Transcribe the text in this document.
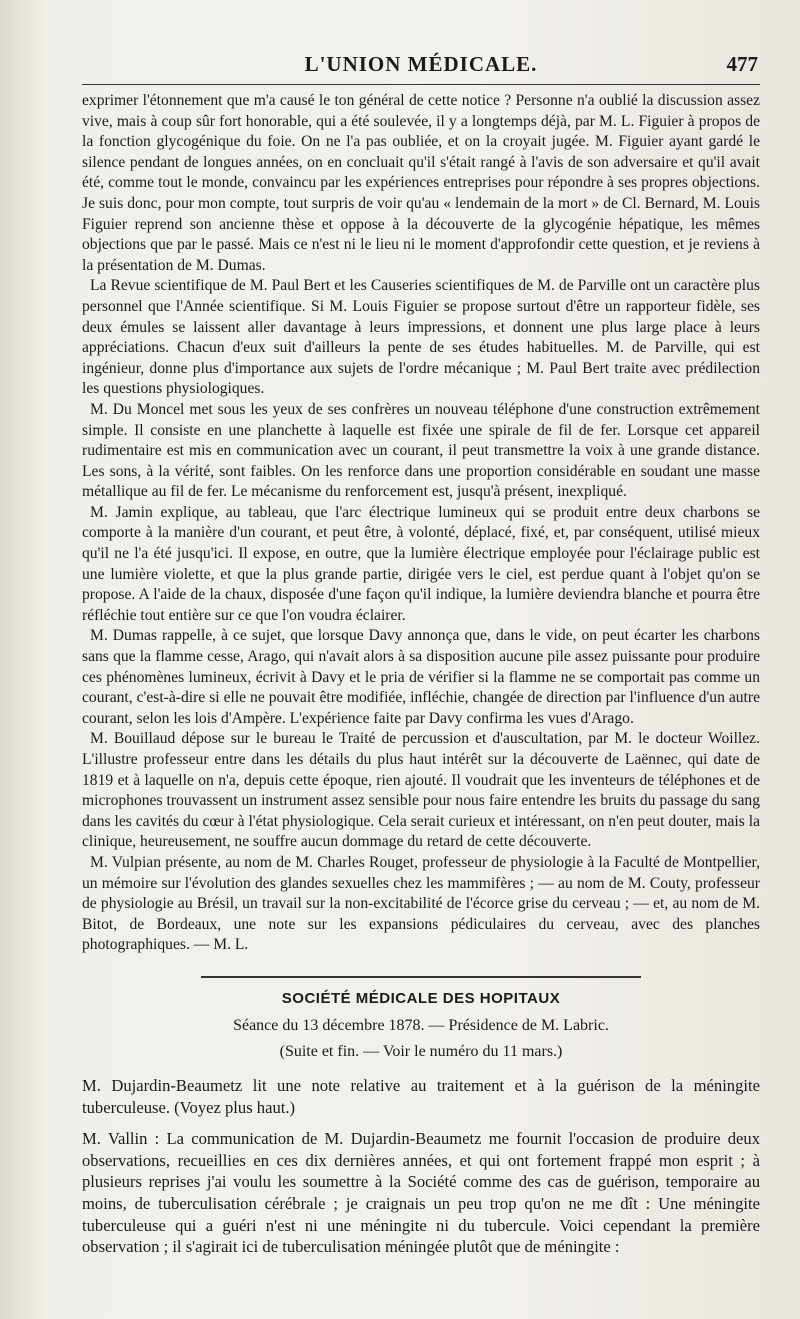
L'UNION MÉDICALE.	477

exprimer l'étonnement que m'a causé le ton général de cette notice ? Personne n'a oublié la discussion assez vive, mais à coup sûr fort honorable, qui a été soulevée, il y a longtemps déjà, par M. L. Figuier à propos de la fonction glycogénique du foie. On ne l'a pas oubliée, et on la croyait jugée. M. Figuier ayant gardé le silence pendant de longues années, on en concluait qu'il s'était rangé à l'avis de son adversaire et qu'il avait été, comme tout le monde, convaincu par les expériences entreprises pour répondre à ses propres objections. Je suis donc, pour mon compte, tout surpris de voir qu'au « lendemain de la mort » de Cl. Bernard, M. Louis Figuier reprend son ancienne thèse et oppose à la découverte de la glycogénie hépatique, les mêmes objections que par le passé. Mais ce n'est ni le lieu ni le moment d'approfondir cette question, et je reviens à la présentation de M. Dumas.

La Revue scientifique de M. Paul Bert et les Causeries scientifiques de M. de Parville ont un caractère plus personnel que l'Année scientifique. Si M. Louis Figuier se propose surtout d'être un rapporteur fidèle, ses deux émules se laissent aller davantage à leurs impressions, et donnent une plus large place à leurs appréciations. Chacun d'eux suit d'ailleurs la pente de ses études habituelles. M. de Parville, qui est ingénieur, donne plus d'importance aux sujets de l'ordre mécanique ; M. Paul Bert traite avec prédilection les questions physiologiques.

M. Du Moncel met sous les yeux de ses confrères un nouveau téléphone d'une construction extrêmement simple. Il consiste en une planchette à laquelle est fixée une spirale de fil de fer. Lorsque cet appareil rudimentaire est mis en communication avec un courant, il peut transmettre la voix à une grande distance. Les sons, à la vérité, sont faibles. On les renforce dans une proportion considérable en soudant une masse métallique au fil de fer. Le mécanisme du renforcement est, jusqu'à présent, inexpliqué.

M. Jamin explique, au tableau, que l'arc électrique lumineux qui se produit entre deux charbons se comporte à la manière d'un courant, et peut être, à volonté, déplacé, fixé, et, par conséquent, utilisé mieux qu'il ne l'a été jusqu'ici. Il expose, en outre, que la lumière électrique employée pour l'éclairage public est une lumière violette, et que la plus grande partie, dirigée vers le ciel, est perdue quant à l'objet qu'on se propose. A l'aide de la chaux, disposée d'une façon qu'il indique, la lumière deviendra blanche et pourra être réfléchie tout entière sur ce que l'on voudra éclairer.

M. Dumas rappelle, à ce sujet, que lorsque Davy annonça que, dans le vide, on peut écarter les charbons sans que la flamme cesse, Arago, qui n'avait alors à sa disposition aucune pile assez puissante pour produire ces phénomènes lumineux, écrivit à Davy et le pria de vérifier si la flamme ne se comportait pas comme un courant, c'est-à-dire si elle ne pouvait être modifiée, infléchie, changée de direction par l'influence d'un autre courant, selon les lois d'Ampère. L'expérience faite par Davy confirma les vues d'Arago.

M. Bouillaud dépose sur le bureau le Traité de percussion et d'auscultation, par M. le docteur Woillez. L'illustre professeur entre dans les détails du plus haut intérêt sur la découverte de Laënnec, qui date de 1819 et à laquelle on n'a, depuis cette époque, rien ajouté. Il voudrait que les inventeurs de téléphones et de microphones trouvassent un instrument assez sensible pour nous faire entendre les bruits du passage du sang dans les cavités du cœur à l'état physiologique. Cela serait curieux et intéressant, on n'en peut douter, mais la clinique, heureusement, ne souffre aucun dommage du retard de cette découverte.

M. Vulpian présente, au nom de M. Charles Rouget, professeur de physiologie à la Faculté de Montpellier, un mémoire sur l'évolution des glandes sexuelles chez les mammifères ; — au nom de M. Couty, professeur de physiologie au Brésil, un travail sur la non-excitabilité de l'écorce grise du cerveau ; — et, au nom de M. Bitot, de Bordeaux, une note sur les expansions pédiculaires du cerveau, avec des planches photographiques. — M. L.

SOCIÉTÉ MÉDICALE DES HOPITAUX
Séance du 13 décembre 1878. — Présidence de M. Labric.
(Suite et fin. — Voir le numéro du 11 mars.)

M. Dujardin-Beaumetz lit une note relative au traitement et à la guérison de la méningite tuberculeuse. (Voyez plus haut.)

M. Vallin : La communication de M. Dujardin-Beaumetz me fournit l'occasion de produire deux observations, recueillies en ces dix dernières années, et qui ont fortement frappé mon esprit ; à plusieurs reprises j'ai voulu les soumettre à la Société comme des cas de guérison, temporaire au moins, de tuberculisation cérébrale ; je craignais un peu trop qu'on ne me dît : Une méningite tuberculeuse qui a guéri n'est ni une méningite ni du tubercule. Voici cependant la première observation ; il s'agirait ici de tuberculisation méningée plutôt que de méningite :
